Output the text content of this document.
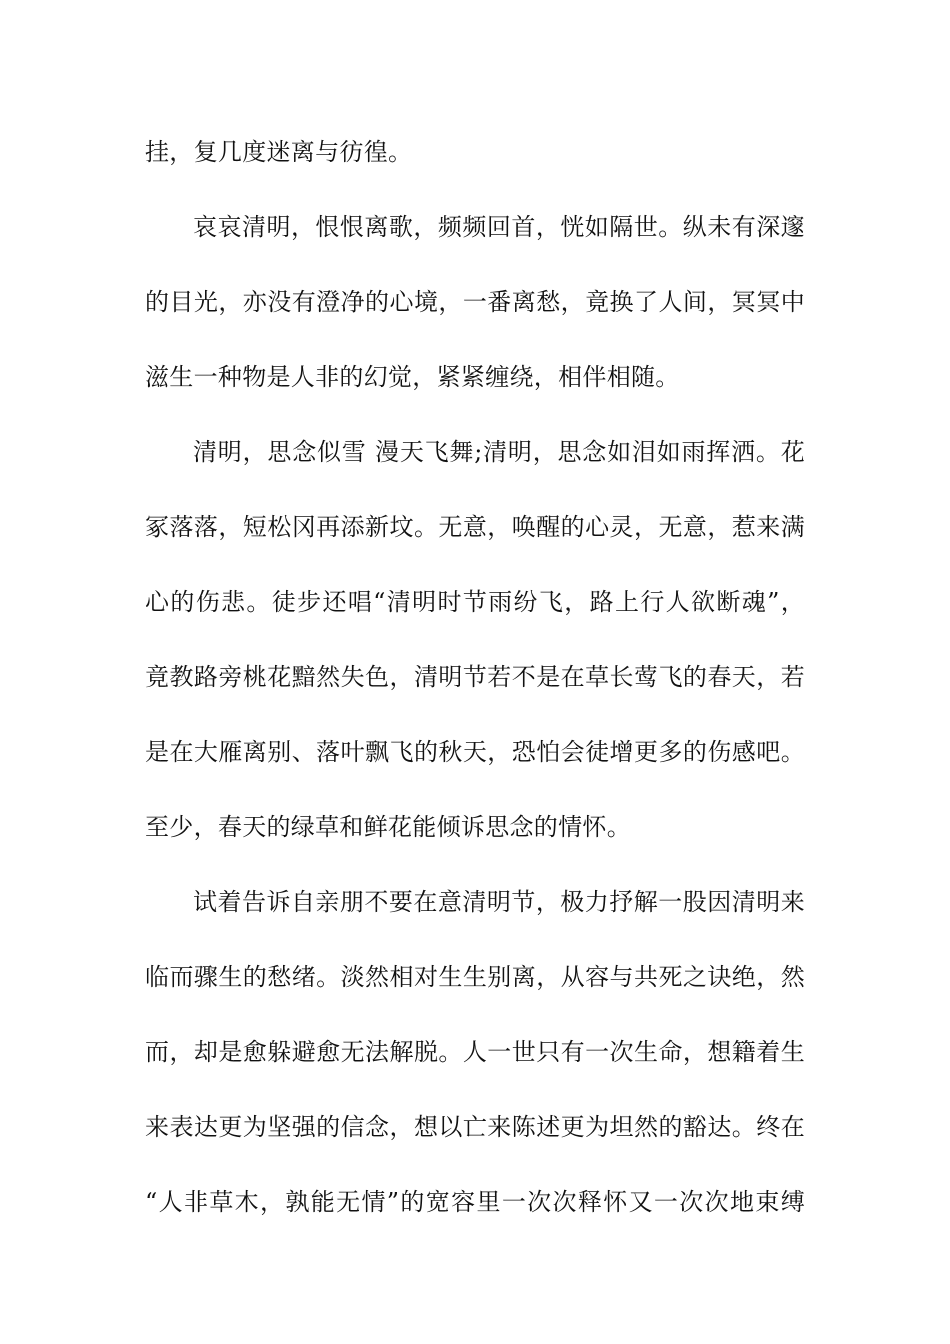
挂，复几度迷离与彷徨。
哀哀清明，恨恨离歌，频频回首，恍如隔世。纵未有深邃
的目光，亦没有澄净的心境，一番离愁，竟换了人间，冥冥中
滋生一种物是人非的幻觉，紧紧缠绕，相伴相随。
清明，思念似雪 漫天飞舞;清明，思念如泪如雨挥洒。花
冢落落，短松冈再添新坟。无意，唤醒的心灵，无意，惹来满
心的伤悲。徒步还唱“清明时节雨纷飞，路上行人欲断魂”，
竟教路旁桃花黯然失色，清明节若不是在草长莺飞的春天，若
是在大雁离别、落叶飘飞的秋天，恐怕会徒增更多的伤感吧。
至少，春天的绿草和鲜花能倾诉思念的情怀。
试着告诉自亲朋不要在意清明节，极力抒解一股因清明来
临而骤生的愁绪。淡然相对生生别离，从容与共死之诀绝，然
而，却是愈躲避愈无法解脱。人一世只有一次生命，想籍着生
来表达更为坚强的信念，想以亡来陈述更为坦然的豁达。终在
“人非草木，孰能无情”的宽容里一次次释怀又一次次地束缚
